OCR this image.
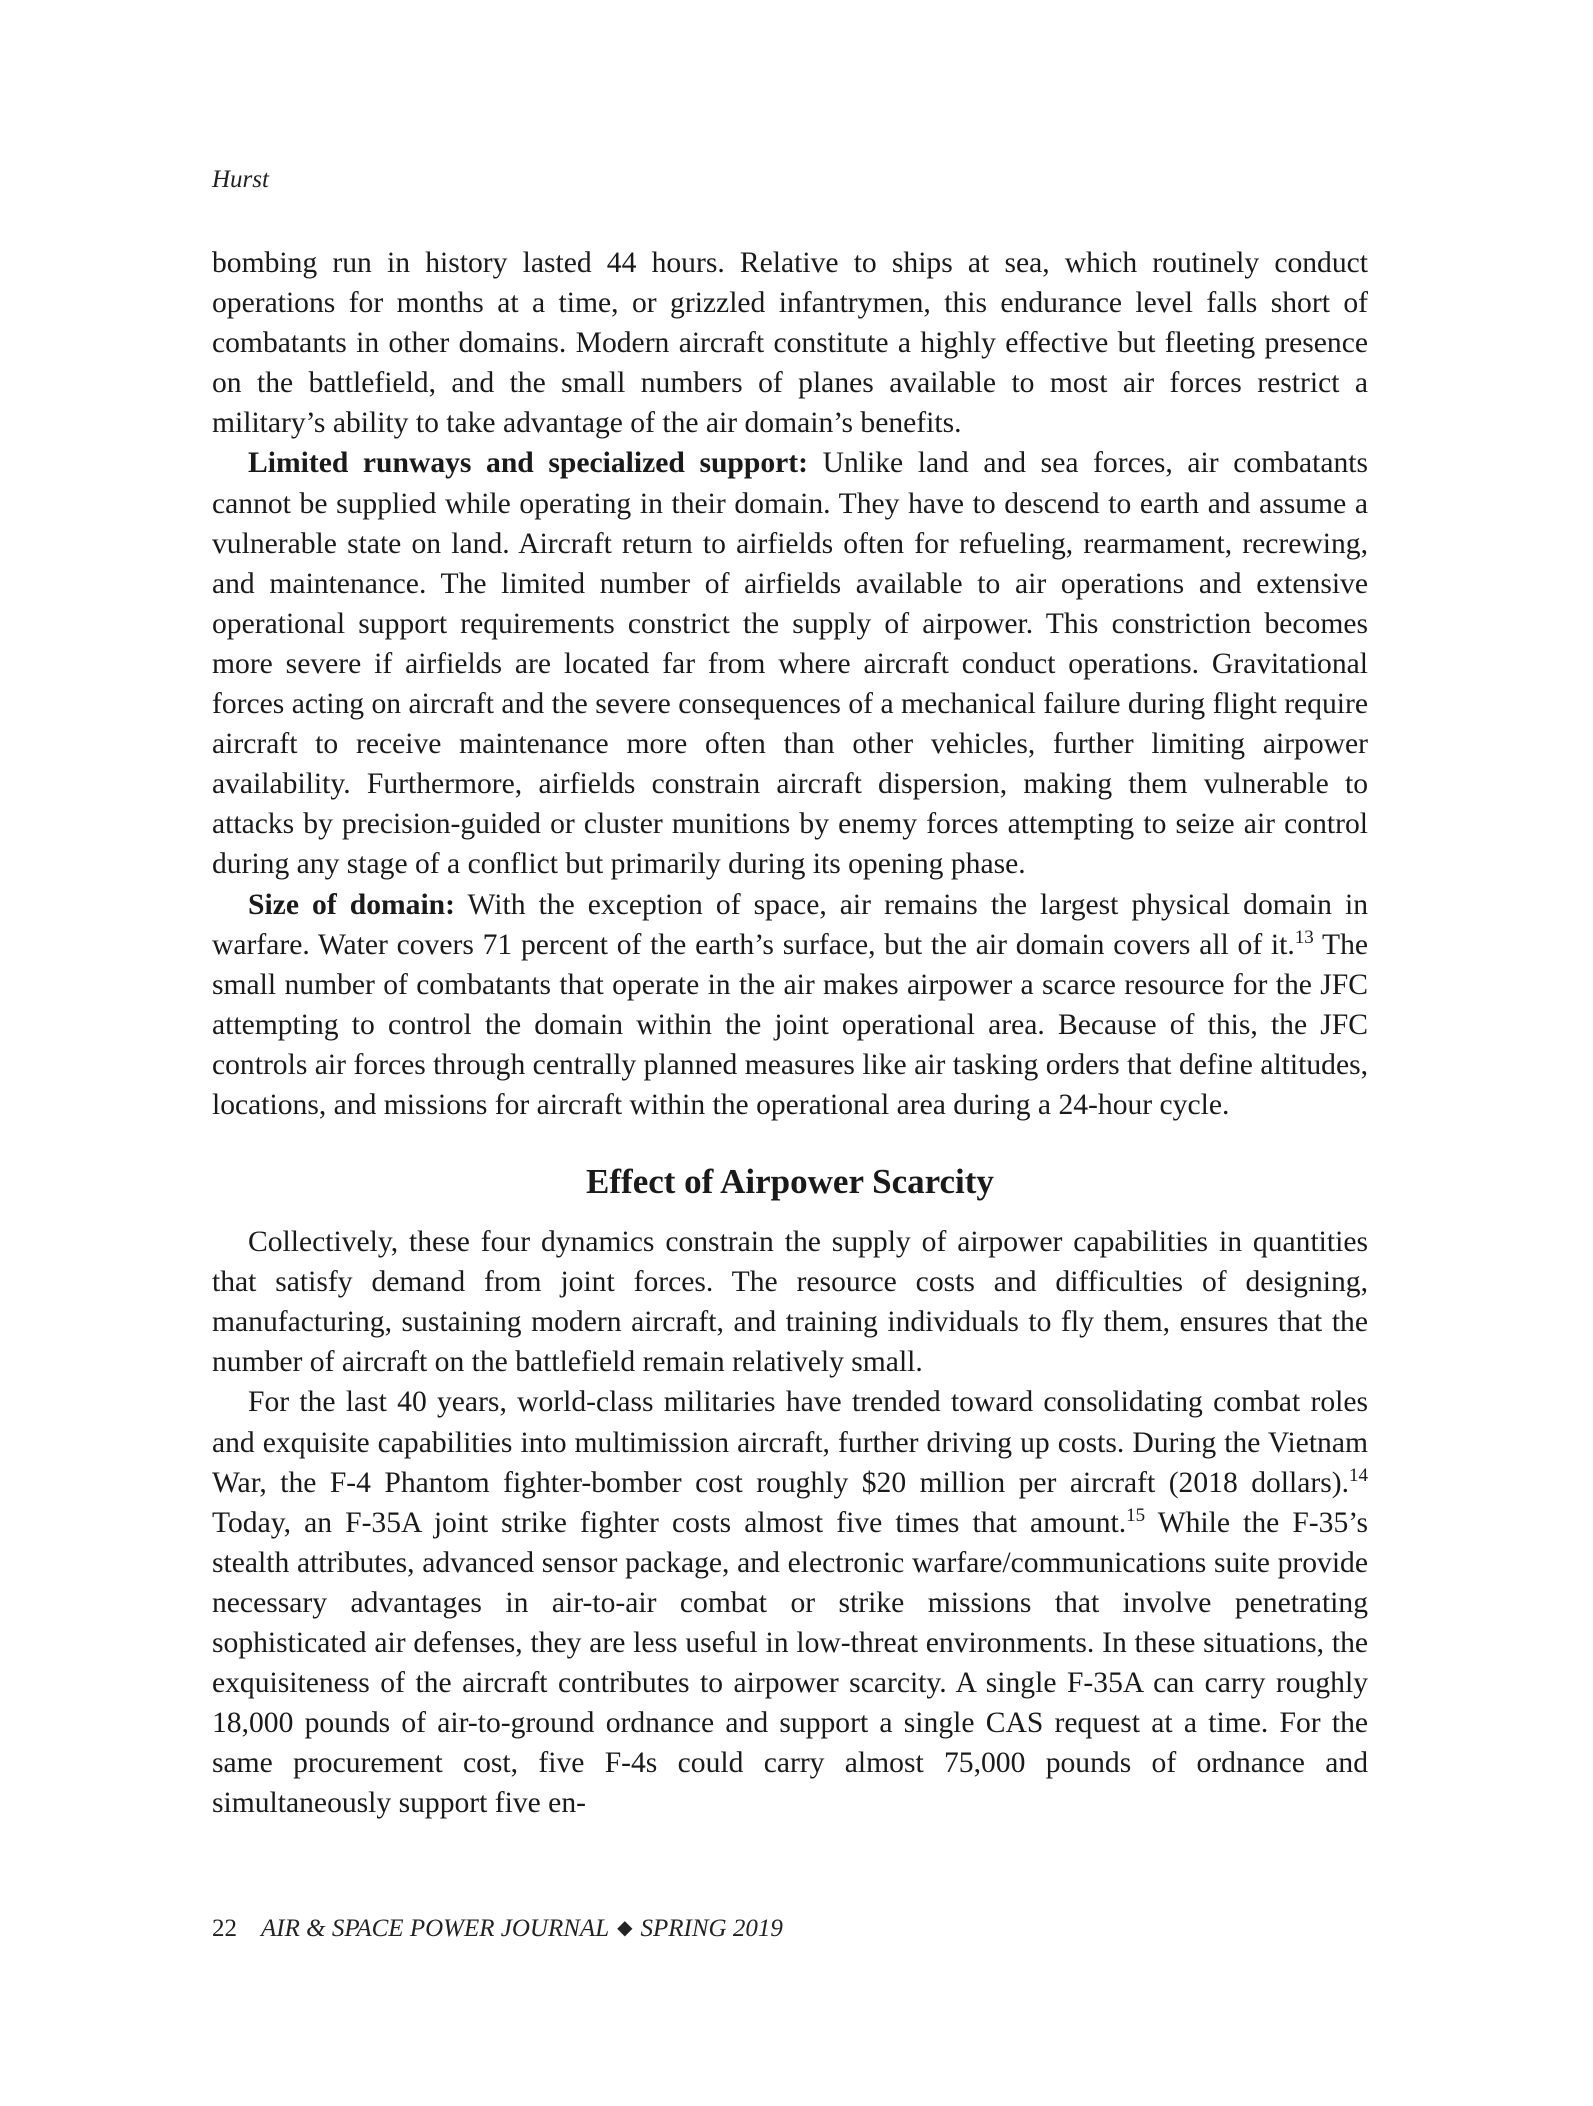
Hurst

bombing run in history lasted 44 hours. Relative to ships at sea, which routinely conduct operations for months at a time, or grizzled infantrymen, this endurance level falls short of combatants in other domains. Modern aircraft constitute a highly effective but fleeting presence on the battlefield, and the small numbers of planes available to most air forces restrict a military’s ability to take advantage of the air domain’s benefits.

Limited runways and specialized support: Unlike land and sea forces, air combatants cannot be supplied while operating in their domain. They have to descend to earth and assume a vulnerable state on land. Aircraft return to airfields often for refueling, rearmament, recrewing, and maintenance. The limited number of airfields available to air operations and extensive operational support requirements constrict the supply of airpower. This constriction becomes more severe if airfields are located far from where aircraft conduct operations. Gravitational forces acting on aircraft and the severe consequences of a mechanical failure during flight require aircraft to receive maintenance more often than other vehicles, further limiting airpower availability. Furthermore, airfields constrain aircraft dispersion, making them vulnerable to attacks by precision-guided or cluster munitions by enemy forces attempting to seize air control during any stage of a conflict but primarily during its opening phase.

Size of domain: With the exception of space, air remains the largest physical domain in warfare. Water covers 71 percent of the earth’s surface, but the air domain covers all of it.$^{13}$ The small number of combatants that operate in the air makes airpower a scarce resource for the JFC attempting to control the domain within the joint operational area. Because of this, the JFC controls air forces through centrally planned measures like air tasking orders that define altitudes, locations, and missions for aircraft within the operational area during a 24-hour cycle.

Effect of Airpower Scarcity

Collectively, these four dynamics constrain the supply of airpower capabilities in quantities that satisfy demand from joint forces. The resource costs and difficulties of designing, manufacturing, sustaining modern aircraft, and training individuals to fly them, ensures that the number of aircraft on the battlefield remain relatively small.

For the last 40 years, world-class militaries have trended toward consolidating combat roles and exquisite capabilities into multimission aircraft, further driving up costs. During the Vietnam War, the F-4 Phantom fighter-bomber cost roughly $20 million per aircraft (2018 dollars).$^{14}$ Today, an F-35A joint strike fighter costs almost five times that amount.$^{15}$ While the F-35’s stealth attributes, advanced sensor package, and electronic warfare/communications suite provide necessary advantages in air-to-air combat or strike missions that involve penetrating sophisticated air defenses, they are less useful in low-threat environments. In these situations, the exquisiteness of the aircraft contributes to airpower scarcity. A single F-35A can carry roughly 18,000 pounds of air-to-ground ordnance and support a single CAS request at a time. For the same procurement cost, five F-4s could carry almost 75,000 pounds of ordnance and simultaneously support five en-

22 AIR & SPACE POWER JOURNAL ◆ SPRING 2019
